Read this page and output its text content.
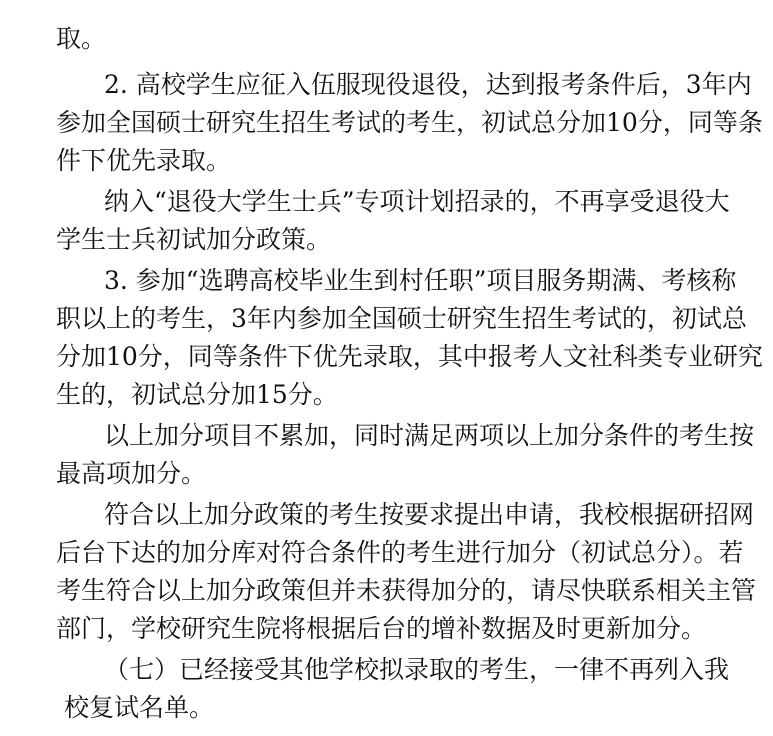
取。
2. 高校学生应征入伍服现役退役，达到报考条件后，3年内
参加全国硕士研究生招生考试的考生，初试总分加10分，同等条
件下优先录取。
纳入“退役大学生士兵”专项计划招录的，不再享受退役大
学生士兵初试加分政策。
3. 参加“选聘高校毕业生到村任职”项目服务期满、考核称
职以上的考生，3年内参加全国硕士研究生招生考试的，初试总
分加10分，同等条件下优先录取，其中报考人文社科类专业研究
生的，初试总分加15分。
以上加分项目不累加，同时满足两项以上加分条件的考生按
最高项加分。
符合以上加分政策的考生按要求提出申请，我校根据研招网
后台下达的加分库对符合条件的考生进行加分（初试总分）。若
考生符合以上加分政策但并未获得加分的，请尽快联系相关主管
部门，学校研究生院将根据后台的增补数据及时更新加分。
（七）已经接受其他学校拟录取的考生，一律不再列入我
校复试名单。
